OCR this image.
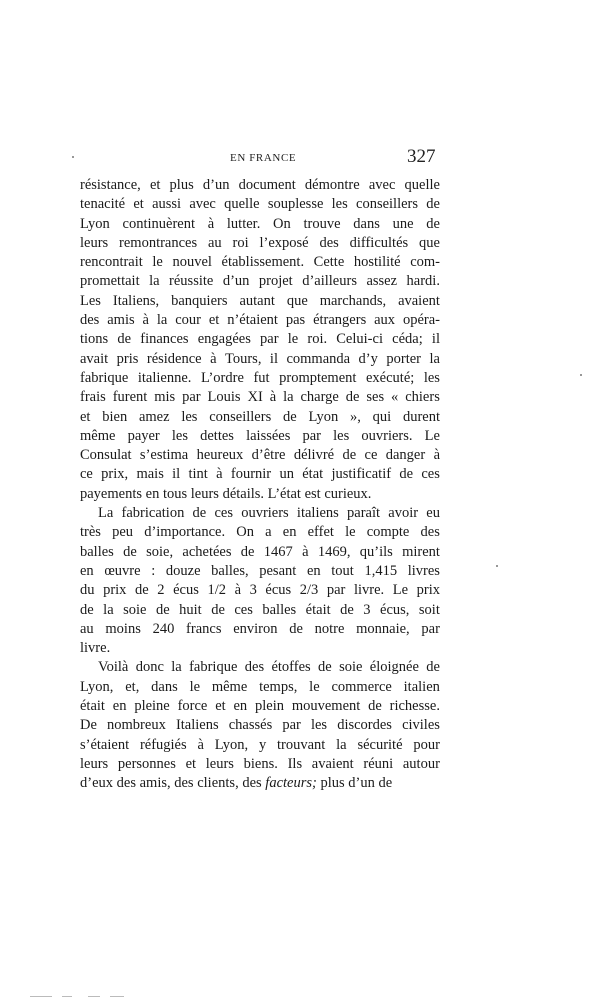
EN FRANCE	327
résistance, et plus d’un document démontre avec quelle
tenacité et aussi avec quelle souplesse les conseillers de
Lyon continuèrent à lutter. On trouve dans une de
leurs remontrances au roi l’exposé des difficultés que
rencontrait le nouvel établissement. Cette hostilité com-
promettait la réussite d’un projet d’ailleurs assez hardi.
Les Italiens, banquiers autant que marchands, avaient
des amis à la cour et n’étaient pas étrangers aux opéra-
tions de finances engagées par le roi. Celui-ci céda; il
avait pris résidence à Tours, il commanda d’y porter la
fabrique italienne. L’ordre fut promptement exécuté; les
frais furent mis par Louis XI à la charge de ses « chiers
et bien amez les conseillers de Lyon », qui durent
même payer les dettes laissées par les ouvriers. Le
Consulat s’estima heureux d’être délivré de ce danger à
ce prix, mais il tint à fournir un état justificatif de ces
payements
en
tous
leurs
détails.
L’état
est
curieux.
La fabrication de ces ouvriers italiens paraît avoir eu
très peu d’importance. On a en effet le compte des
balles de soie, achetées de 1467 à 1469, qu’ils mirent
en œuvre : douze balles, pesant en tout 1,415 livres
du prix de 2 écus 1/2 à 3 écus 2/3 par livre. Le prix
de la soie de huit de ces balles était de 3 écus, soit
au moins 240 francs environ de notre monnaie, par
livre.
Voilà donc la fabrique des étoffes de soie éloignée de
Lyon, et, dans le même temps, le commerce italien
était en pleine force et en plein mouvement de richesse.
De nombreux Italiens chassés par les discordes civiles
s’étaient réfugiés à Lyon, y trouvant la sécurité pour
leurs personnes et leurs biens. Ils avaient réuni autour
d’eux
des
amis,
des
clients,
des
facteurs;
plus
d’un
de
